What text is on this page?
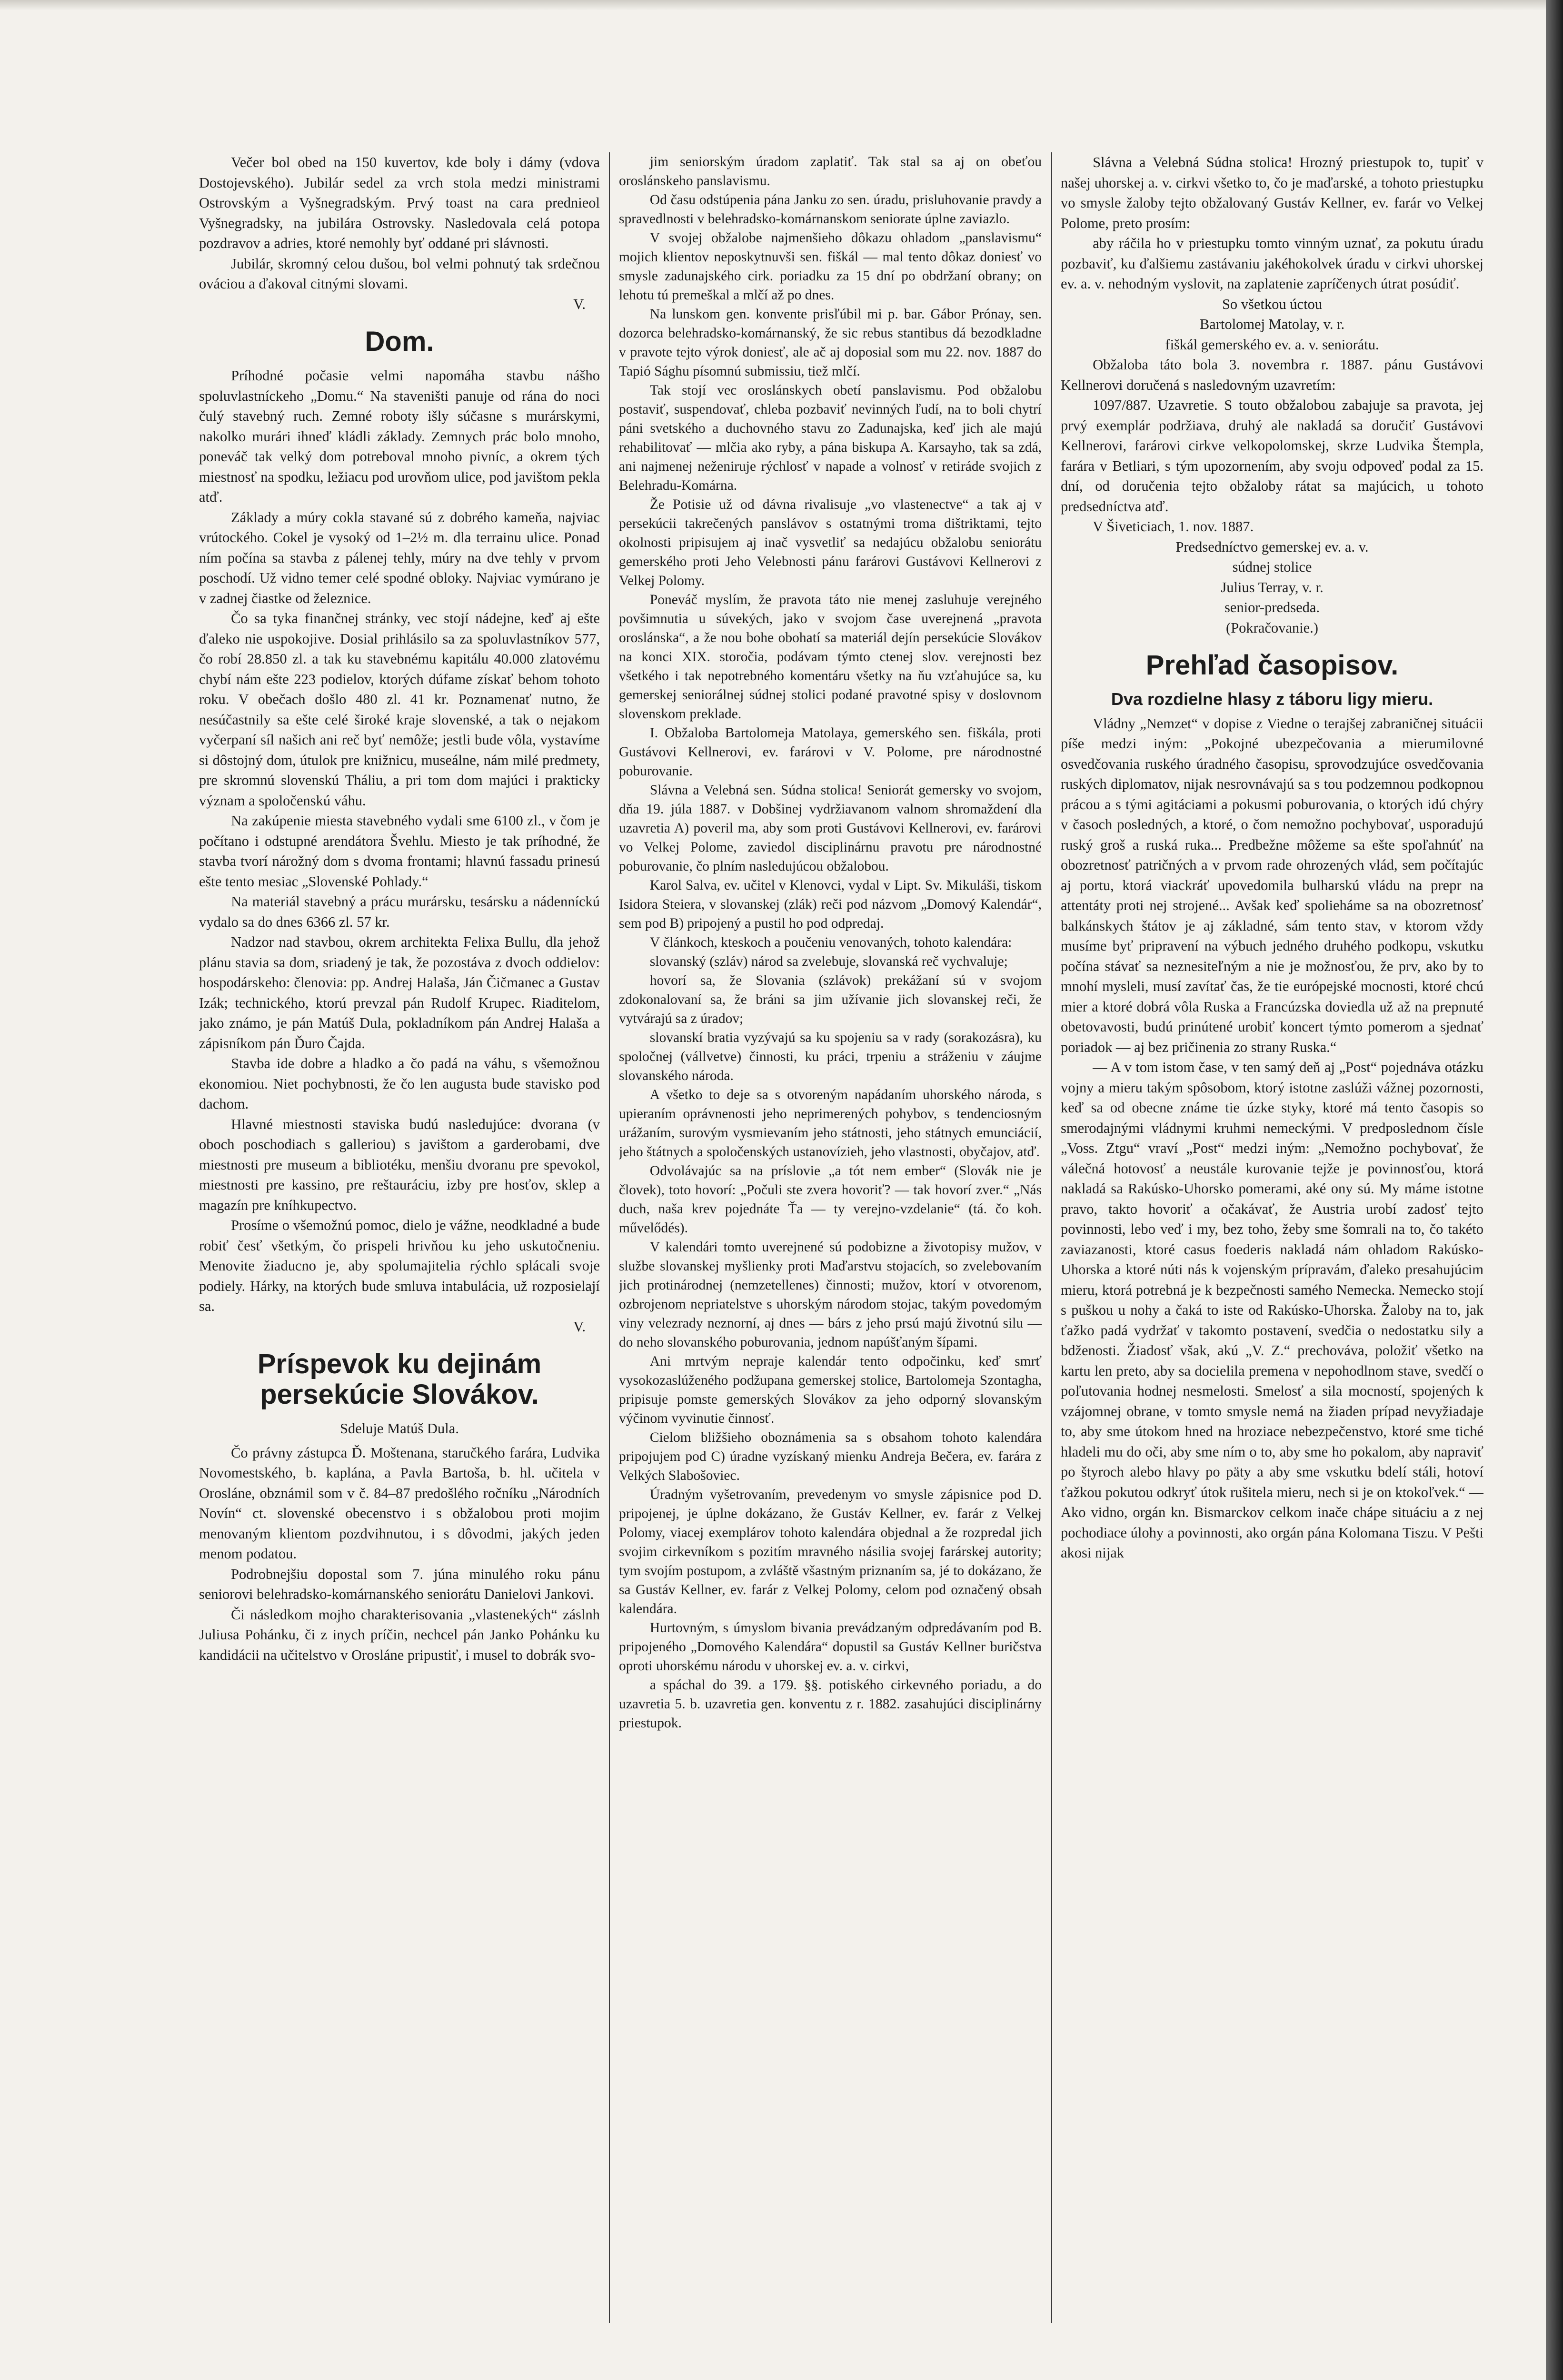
Večer bol obed na 150 kuvertov, kde boly i dámy (vdova Dostojevského). Jubilár sedel za vrch stola medzi ministrami Ostrovským a Vyšnegradským. Prvý toast na cara prednieol Vyšnegradsky, na jubilára Ostrovsky. Nasledovala celá potopa pozdravov a adries, ktoré nemohly byť oddané pri slávnosti.

Jubilár, skromný celou dušou, bol velmi pohnutý tak srdečnou ováciou a ďakoval citnými slovami.

V.

Dom.

Príhodné počasie velmi napomáha stavbu nášho spoluvlastníckeho „Domu.“ Na staveništi panuje od rána do noci čulý stavebný ruch. Zemné roboty išly súčasne s murárskymi, nakolko murári ihneď kládli základy. Zemnych prác bolo mnoho, poneváč tak velký dom potreboval mnoho pivníc, a okrem tých miestnosť na spodku, ležiacu pod urovňom ulice, pod javištom pekla atď.

Základy a múry cokla stavané sú z dobrého kameňa, najviac vrútockého. Cokel je vysoký od 1–2½ m. dla terrainu ulice. Ponad ním počína sa stavba z pálenej tehly, múry na dve tehly v prvom poschodí. Už vidno temer celé spodné obloky. Najviac vymúrano je v zadnej čiastke od železnice.

Čo sa tyka finančnej stránky, vec stojí nádejne, keď aj ešte ďaleko nie uspokojive. Dosial prihlásilo sa za spoluvlastníkov 577, čo robí 28.850 zl. a tak ku stavebnému kapitálu 40.000 zlatovému chybí nám ešte 223 podielov, ktorých dúfame získať behom tohoto roku. V obečach došlo 480 zl. 41 kr. Poznamenať nutno, že nesúčastnily sa ešte celé široké kraje slovenské, a tak o nejakom vyčerpaní síl našich ani reč byť nemôže; jestli bude vôla, vystavíme si dôstojný dom, útulok pre knižnicu, museálne, nám milé predmety, pre skromnú slovenskú Tháliu, a pri tom dom majúci i prakticky význam a spoločenskú váhu.

Na zakúpenie miesta stavebného vydali sme 6100 zl., v čom je počítano i odstupné arendátora Švehlu. Miesto je tak príhodné, že stavba tvorí nárožný dom s dvoma frontami; hlavnú fassadu prinesú ešte tento mesiac „Slovenské Pohlady.“

Na materiál stavebný a prácu murársku, tesársku a nádenníckú vydalo sa do dnes 6366 zl. 57 kr.

Nadzor nad stavbou, okrem architekta Felixa Bullu, dla jehož plánu stavia sa dom, sriadený je tak, že pozostáva z dvoch oddielov: hospodárskeho: členovia: pp. Andrej Halaša, Ján Čičmanec a Gustav Izák; technického, ktorú prevzal pán Rudolf Krupec. Riaditelom, jako známo, je pán Matúš Dula, pokladníkom pán Andrej Halaša a zápisníkom pán Ďuro Čajda.

Stavba ide dobre a hladko a čo padá na váhu, s všemožnou ekonomiou. Niet pochybnosti, že čo len augusta bude stavisko pod dachom.

Hlavné miestnosti staviska budú nasledujúce: dvorana (v oboch poschodiach s galleriou) s javištom a garderobami, dve miestnosti pre museum a bibliotéku, menšiu dvoranu pre spevokol, miestnosti pre kassino, pre reštauráciu, izby pre hosťov, sklep a magazín pre kníhkupectvo.

Prosíme o všemožnú pomoc, dielo je vážne, neodkladné a bude robiť česť všetkým, čo prispeli hrivňou ku jeho uskutočneniu. Menovite žiaducno je, aby spolumajitelia rýchlo splácali svoje podiely. Hárky, na ktorých bude smluva intabulácia, už rozposielají sa.

V.

Príspevok ku dejinám persekúcie Slovákov.

Sdeluje Matúš Dula.

Čo právny zástupca Ď. Moštenana, staručkého farára, Ludvika Novomestského, b. kaplána, a Pavla Bartoša, b. hl. učitela v Orosláne, obznámil som v č. 84–87 predošlého ročníku „Národních Novín“ ct. slovenské obecenstvo i s obžalobou proti mojim menovaným klientom pozdvihnutou, i s dôvodmi, jakých jeden menom podatou.

Podrobnejšiu dopostal som 7. júna minulého roku pánu seniorovi belehradsko-komárnanského seniorátu Danielovi Jankovi.

Či následkom mojho charakterisovania „vlastenekých“ záslnh Juliusa Pohánku, či z inych príčin, nechcel pán Janko Pohánku ku kandidácii na učitelstvo v Orosláne pripustiť, i musel to dobrák svo-

jim seniorským úradom zaplatiť. Tak stal sa aj on obeťou oroslánskeho panslavismu.

Od času odstúpenia pána Janku zo sen. úradu, prisluhovanie pravdy a spravedlnosti v belehradsko-komárnanskom seniorate úplne zaviazlo.

V svojej obžalobe najmenšieho dôkazu ohladom „panslavismu“ mojich klientov neposkytnuvši sen. fiškál — mal tento dôkaz doniesť vo smysle zadunajského cirk. poriadku za 15 dní po obdržaní obrany; on lehotu tú premeškal a mlčí až po dnes.

Na lunskom gen. konvente prisľúbil mi p. bar. Gábor Prónay, sen. dozorca belehradsko-komárnanský, že sic rebus stantibus dá bezodkladne v pravote tejto výrok doniesť, ale ač aj doposial som mu 22. nov. 1887 do Tapió Sághu písomnú submissiu, tiež mlčí.

Tak stojí vec oroslánskych obetí panslavismu. Pod obžalobu postaviť, suspendovať, chleba pozbaviť nevinných ľudí, na to boli chytrí páni svetského a duchovného stavu zo Zadunajska, keď jich ale majú rehabilitovať — mlčia ako ryby, a pána biskupa A. Karsayho, tak sa zdá, ani najmenej neženiruje rýchlosť v napade a volnosť v retiráde svojich z Belehradu-Komárna.

Že Potisie už od dávna rivalisuje „vo vlastenectve“ a tak aj v persekúcii takrečených panslávov s ostatnými troma dištriktami, tejto okolnosti pripisujem aj inač vysvetliť sa nedajúcu obžalobu seniorátu gemerského proti Jeho Velebnosti pánu farárovi Gustávovi Kellnerovi z Velkej Polomy.

Poneváč myslím, že pravota táto nie menej zasluhuje verejného povšimnutia u súvekých, jako v svojom čase uverejnená „pravota oroslánska“, a že nou bohe obohatí sa materiál dejín persekúcie Slovákov na konci XIX. storočia, podávam týmto ctenej slov. verejnosti bez všetkého i tak nepotrebného komentáru všetky na ňu vzťahujúce sa, ku gemerskej seniorálnej súdnej stolici podané pravotné spisy v doslovnom slovenskom preklade.

I. Obžaloba Bartolomeja Matolaya, gemerského sen. fiškála, proti Gustávovi Kellnerovi, ev. farárovi v V. Polome, pre národnostné poburovanie.

Slávna a Velebná sen. Súdna stolica! Seniorát gemersky vo svojom, dňa 19. júla 1887. v Dobšinej vydržiavanom valnom shromaždení dla uzavretia A) poveril ma, aby som proti Gustávovi Kellnerovi, ev. farárovi vo Velkej Polome, zaviedol disciplinárnu pravotu pre národnostné poburovanie, čo plním nasledujúcou obžalobou.

Karol Salva, ev. učitel v Klenovci, vydal v Lipt. Sv. Mikuláši, tiskom Isidora Steiera, v slovanskej (zlák) reči pod názvom „Domový Kalendár“, sem pod B) pripojený a pustil ho pod odpredaj.

V článkoch, kteskoch a poučeniu venovaných, tohoto kalendára:

slovanský (szláv) národ sa zvelebuje, slovanská reč vychvaluje;

hovorí sa, že Slovania (szlávok) prekážaní sú v svojom zdokonalovaní sa, že bráni sa jim užívanie jich slovanskej reči, že vytvárajú sa z úradov;

slovanskí bratia vyzývajú sa ku spojeniu sa v rady (sorakozásra), ku spoločnej (vállvetve) činnosti, ku práci, trpeniu a stráženiu v záujme slovanského národa.

A všetko to deje sa s otvoreným napádaním uhorského národa, s upieraním oprávnenosti jeho neprimerených pohybov, s tendenciosným urážaním, surovým vysmievaním jeho státnosti, jeho státnych emunciácií, jeho štátnych a spoločenských ustanovízieh, jeho vlastnosti, obyčajov, atď.

Odvolávajúc sa na príslovie „a tót nem ember“ (Slovák nie je človek), toto hovorí: „Počuli ste zvera hovoriť? — tak hovorí zver.“ „Nás duch, naša krev pojednáte Ťa — ty verejno-vzdelanie“ (tá. čo koh. művelődés).

V kalendári tomto uverejnené sú podobizne a životopisy mužov, v službe slovanskej myšlienky proti Maďarstvu stojacích, so zvelebovaním jich protinárodnej (nemzetellenes) činnosti; mužov, ktorí v otvorenom, ozbrojenom nepriatelstve s uhorským národom stojac, takým povedomým viny velezrady neznorní, aj dnes — bárs z jeho prsú majú životnú silu — do neho slovanského poburovania, jednom napúšťaným šípami.

Ani mrtvým nepraje kalendár tento odpočinku, keď smrť vysokozaslúženého podžupana gemerskej stolice, Bartolomeja Szontagha, pripisuje pomste gemerských Slovákov za jeho odporný slovanským výčinom vyvinutie činnosť.

Cielom bližšieho oboznámenia sa s obsahom tohoto kalendára pripojujem pod C) úradne vyzískaný mienku Andreja Bečera, ev. farára z Velkých Slabošoviec.

Úradným vyšetrovaním, prevedenym vo smysle zápisnice pod D. pripojenej, je úplne dokázano, že Gustáv Kellner, ev. farár z Velkej Polomy, viacej exemplárov tohoto kalendára objednal a že rozpredal jich svojim cirkevníkom s pozitím mravného násilia svojej farárskej autority; tym svojím postupom, a zvláště všastným priznaním sa, jé to dokázano, že sa Gustáv Kellner, ev. farár z Velkej Polomy, celom pod označený obsah kalendára.

Hurtovným, s úmyslom bivania prevádzaným odpredávaním pod B. pripojeného „Domového Kalendára“ dopustil sa Gustáv Kellner buričstva oproti uhorskému národu v uhorskej ev. a. v. cirkvi,

a spáchal do 39. a 179. §§. potiského cirkevného poriadu, a do uzavretia 5. b. uzavretia gen. konventu z r. 1882. zasahujúci disciplinárny priestupok.

Slávna a Velebná Súdna stolica! Hrozný priestupok to, tupiť v našej uhorskej a. v. cirkvi všetko to, čo je maďarské, a tohoto priestupku vo smysle žaloby tejto obžalovaný Gustáv Kellner, ev. farár vo Velkej Polome, preto prosím:

aby ráčila ho v priestupku tomto vinným uznať, za pokutu úradu pozbaviť, ku ďalšiemu zastávaniu jakéhokolvek úradu v cirkvi uhorskej ev. a. v. nehodným vyslovit, na zaplatenie zapríčenych útrat posúdiť.

So všetkou úctou

Bartolomej Matolay, v. r.

fiškál gemerského ev. a. v. seniorátu.

Obžaloba táto bola 3. novembra r. 1887. pánu Gustávovi Kellnerovi doručená s nasledovným uzavretím:

1097/887. Uzavretie. S touto obžalobou zabajuje sa pravota, jej prvý exemplár podržiava, druhý ale nakladá sa doručiť Gustávovi Kellnerovi, farárovi cirkve velkopolomskej, skrze Ludvika Štempla, farára v Betliari, s tým upozornením, aby svoju odpoveď podal za 15. dní, od doručenia tejto obžaloby rátat sa majúcich, u tohoto predsedníctva atď.

V Šiveticiach, 1. nov. 1887.

Predsedníctvo gemerskej ev. a. v.

súdnej stolice

Julius Terray, v. r.

senior-predseda.

(Pokračovanie.)

Prehľad časopisov.

Dva rozdielne hlasy z táboru ligy mieru.

Vládny „Nemzet“ v dopise z Viedne o terajšej zabraničnej situácii píše medzi iným: „Pokojné ubezpečovania a mierumilovné osvedčovania ruského úradného časopisu, sprovodzujúce osvedčovania ruských diplomatov, nijak nesrovnávajú sa s tou podzemnou podkopnou prácou a s tými agitáciami a pokusmi poburovania, o ktorých idú chýry v časoch posledných, a ktoré, o čom nemožno pochybovať, usporadujú ruský groš a ruská ruka... Predbežne môžeme sa ešte spoľahnúť na obozretnosť patričných a v prvom rade ohrozených vlád, sem počítajúc aj portu, ktorá viackráť upovedomila bulharskú vládu na prepr na attentáty proti nej strojené... Avšak keď spolieháme sa na obozretnosť balkánskych štátov je aj základné, sám tento stav, v ktorom vždy musíme byť pripravení na výbuch jedného druhého podkopu, vskutku počína stávať sa neznesiteľným a nie je možnosťou, že prv, ako by to mnohí mysleli, musí zavítať čas, že tie európejské mocnosti, ktoré chcú mier a ktoré dobrá vôla Ruska a Francúzska doviedla už až na prepnuté obetovavosti, budú prinútené urobiť koncert týmto pomerom a sjednať poriadok — aj bez pričinenia zo strany Ruska.“

— A v tom istom čase, v ten samý deň aj „Post“ pojednáva otázku vojny a mieru takým spôsobom, ktorý istotne zaslúži vážnej pozornosti, keď sa od obecne známe tie úzke styky, ktoré má tento časopis so smerodajnými vládnymi kruhmi nemeckými. V predposlednom čísle „Voss. Ztgu“ vraví „Post“ medzi iným: „Nemožno pochybovať, že válečná hotovosť a neustále kurovanie tejže je povinnosťou, ktorá nakladá sa Rakúsko-Uhorsko pomerami, aké ony sú. My máme istotne pravo, takto hovoriť a očakávať, že Austria urobí zadosť tejto povinnosti, lebo veď i my, bez toho, žeby sme šomrali na to, čo takéto zaviazanosti, ktoré casus foederis nakladá nám ohladom Rakúsko-Uhorska a ktoré núti nás k vojenským prípravám, ďaleko presahujúcim mieru, ktorá potrebná je k bezpečnosti samého Nemecka. Nemecko stojí s puškou u nohy a čaká to iste od Rakúsko-Uhorska. Žaloby na to, jak ťažko padá vydržať v takomto postavení, svedčia o nedostatku sily a bdženosti. Žiadosť však, akú „V. Z.“ prechováva, položiť všetko na kartu len preto, aby sa docielila premena v nepohodlnom stave, svedčí o poľutovania hodnej nesmelosti. Smelosť a sila mocností, spojených k vzájomnej obrane, v tomto smysle nemá na žiaden prípad nevyžiadaje to, aby sme útokom hned na hroziace nebezpečenstvo, ktoré sme tiché hladeli mu do oči, aby sme ním o to, aby sme ho pokalom, aby napraviť po štyroch alebo hlavy po päty a aby sme vskutku bdelí stáli, hotoví ťažkou pokutou odkryť útok rušitela mieru, nech si je on ktokoľvek.“ — Ako vidno, orgán kn. Bismarckov celkom inače chápe situáciu a z nej pochodiace úlohy a povinnosti, ako orgán pána Kolomana Tiszu. V Pešti akosi nijak
